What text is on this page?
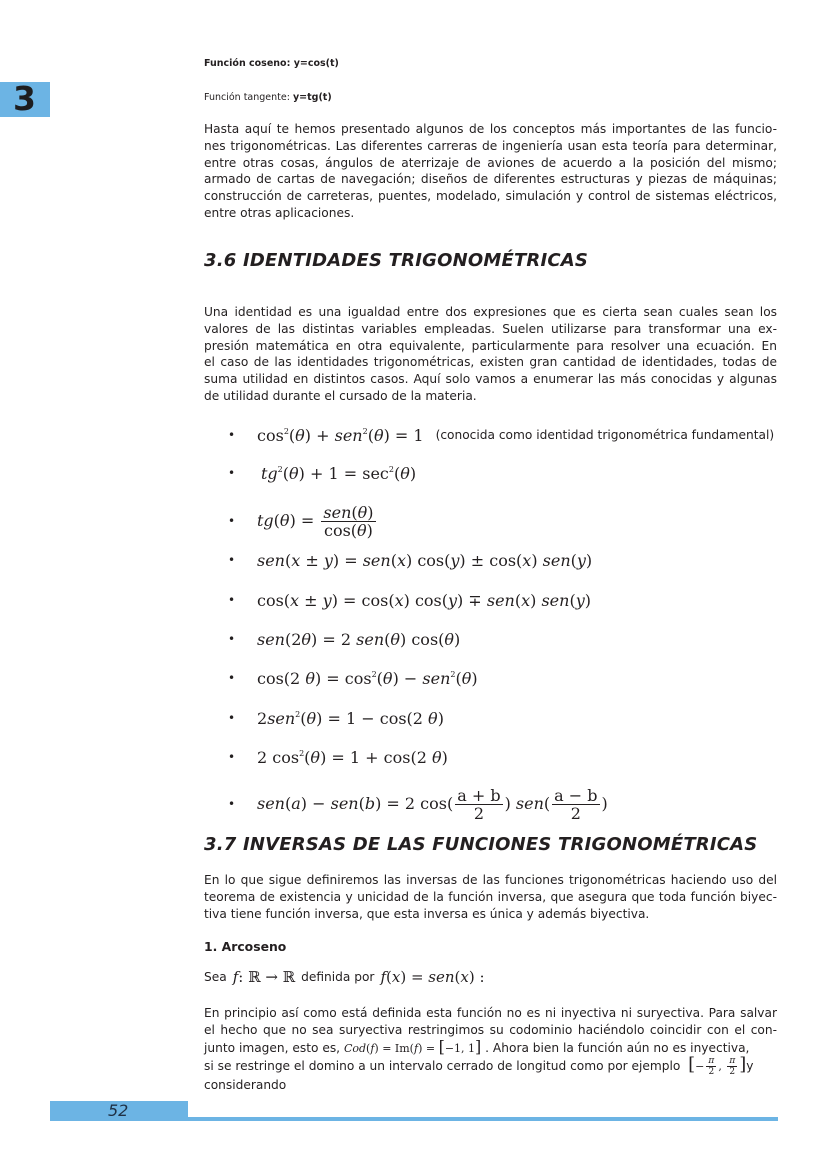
3
Función coseno: y=cos(t)
Función tangente: y=tg(t)
Hasta aquí te hemos presentado algunos de los conceptos más importantes de las funcio-
nes trigonométricas. Las diferentes carreras de ingeniería usan esta teoría para determinar,
entre otras cosas, ángulos de aterrizaje de aviones de acuerdo a la posición del mismo;
armado de cartas de navegación; diseños de diferentes estructuras y piezas de máquinas;
construcción de carreteras, puentes, modelado, simulación y control de sistemas eléctricos,
entre otras aplicaciones.
3.6 IDENTIDADES TRIGONOMÉTRICAS
Una identidad es una igualdad entre dos expresiones que es cierta sean cuales sean los
valores de las distintas variables empleadas. Suelen utilizarse para transformar una ex-
presión matemática en otra equivalente, particularmente para resolver una ecuación. En
el caso de las identidades trigonométricas, existen gran cantidad de identidades, todas de
suma utilidad en distintos casos. Aquí solo vamos a enumerar las más conocidas y algunas
de utilidad durante el cursado de la materia.
•	$\cos^2(\theta) + sen^2(\theta) = 1$ (conocida como identidad trigonométrica fundamental)
•	$tg^2(\theta) + 1 = \sec^2(\theta)$
•	$tg(\theta) = \frac{\text{sen(θ)}}{\cos(\theta)}$
•	sen(x ± y) = sen(x) cos(y) ± cos(x) sen(y)
•	cos(x ± y) = cos(x) cos(y) ∓ sen(x) sen(y)
•	sen(2θ) = 2 sen(θ) cos(θ)
•	cos(2 $\theta) = \cos^2(\theta) - sen^2(\theta)$
•	2sen$^2$(θ) = 1 − cos(2 θ)
•	2 $\cos^2(\theta) = 1 + \cos(2$ θ)
•	sen(a) − sen(b) = 2 $\cos( \frac{a + b}{2}$ ) $sen( \frac{a - b}{2}$ )
3.7 INVERSAS DE LAS FUNCIONES TRIGONOMÉTRICAS
En lo que sigue definiremos las inversas de las funciones trigonométricas haciendo uso del
teorema de existencia y unicidad de la función inversa, que asegura que toda función biyec-
tiva tiene función inversa, que esta inversa es única y además biyectiva.
1. Arcoseno
Sea f: ℝ → ℝ definida por f(x) = sen(x) :
En principio así como está definida esta función no es ni inyectiva ni suryectiva. Para salvar
el hecho que no sea suryectiva restringimos su codominio haciéndolo coincidir con el con-
junto imagen, esto es, Cod(f) = Im(f) = [−1, 1] . Ahora bien la función aún no es inyectiva,
si se restringe el domino a un intervalo cerrado de longitud como por ejemplo [− $\frac{\pi}{2}$ , $\frac{\pi}{2} ]y$
considerando
52
